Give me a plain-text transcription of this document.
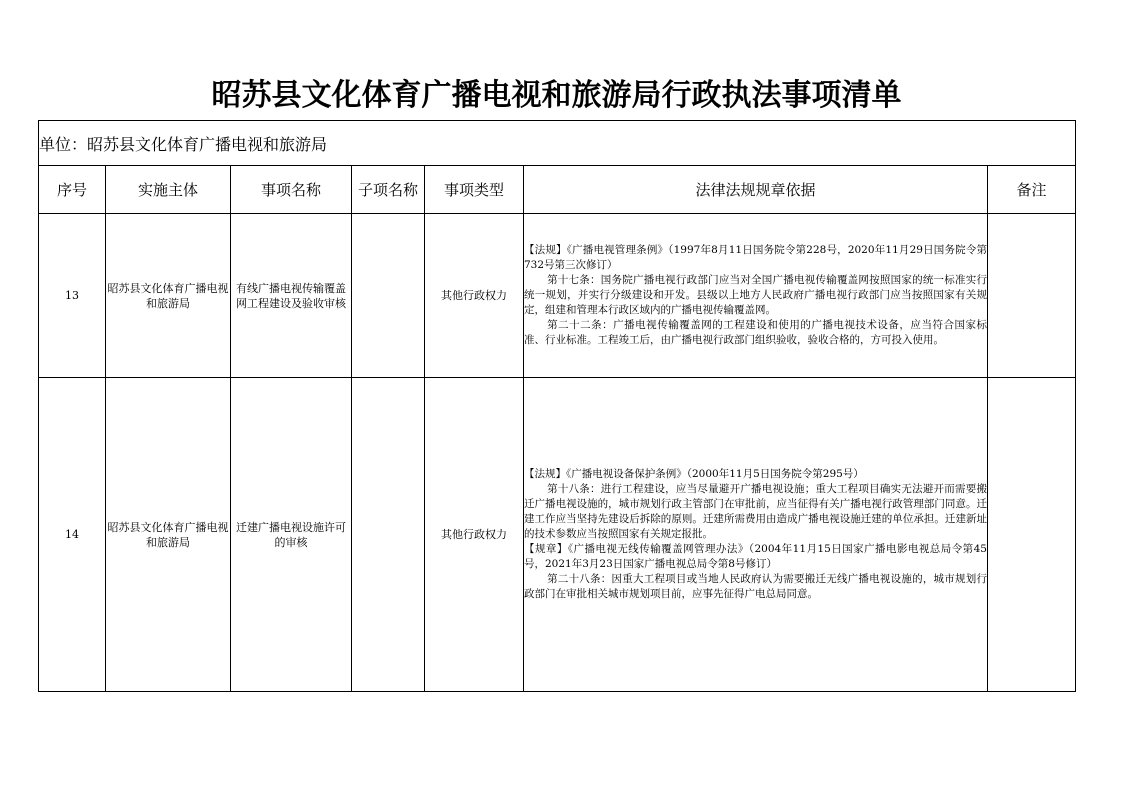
昭苏县文化体育广播电视和旅游局行政执法事项清单
单位：昭苏县文化体育广播电视和旅游局						
序号	实施主体	事项名称	子项名称	事项类型	法律法规规章依据	备注
13	昭苏县文化体育广播电视和旅游局	有线广播电视传输覆盖网工程建设及验收审核		其他行政权力	【法规】《广播电视管理条例》（1997年8月11日国务院令第228号，2020年11月29日国务院令第732号第三次修订）

第十七条：国务院广播电视行政部门应当对全国广播电视传输覆盖网按照国家的统一标准实行统一规划，并实行分级建设和开发。县级以上地方人民政府广播电视行政部门应当按照国家有关规定，组建和管理本行政区域内的广播电视传输覆盖网。

第二十二条：广播电视传输覆盖网的工程建设和使用的广播电视技术设备，应当符合国家标准、行业标准。工程竣工后，由广播电视行政部门组织验收，验收合格的，方可投入使用。	

14	昭苏县文化体育广播电视和旅游局	迁建广播电视设施许可的审核		其他行政权力	【法规】《广播电视设备保护条例》（2000年11月5日国务院令第295号）

第十八条：进行工程建设，应当尽量避开广播电视设施；重大工程项目确实无法避开而需要搬迁广播电视设施的，城市规划行政主管部门在审批前，应当征得有关广播电视行政管理部门同意。迁建工作应当坚持先建设后拆除的原则。迁建所需费用由造成广播电视设施迁建的单位承担。迁建新址的技术参数应当按照国家有关规定报批。

【规章】《广播电视无线传输覆盖网管理办法》（2004年11月15日国家广播电影电视总局令第45号，2021年3月23日国家广播电视总局令第8号修订）

第二十八条：因重大工程项目或当地人民政府认为需要搬迁无线广播电视设施的，城市规划行政部门在审批相关城市规划项目前，应事先征得广电总局同意。	
